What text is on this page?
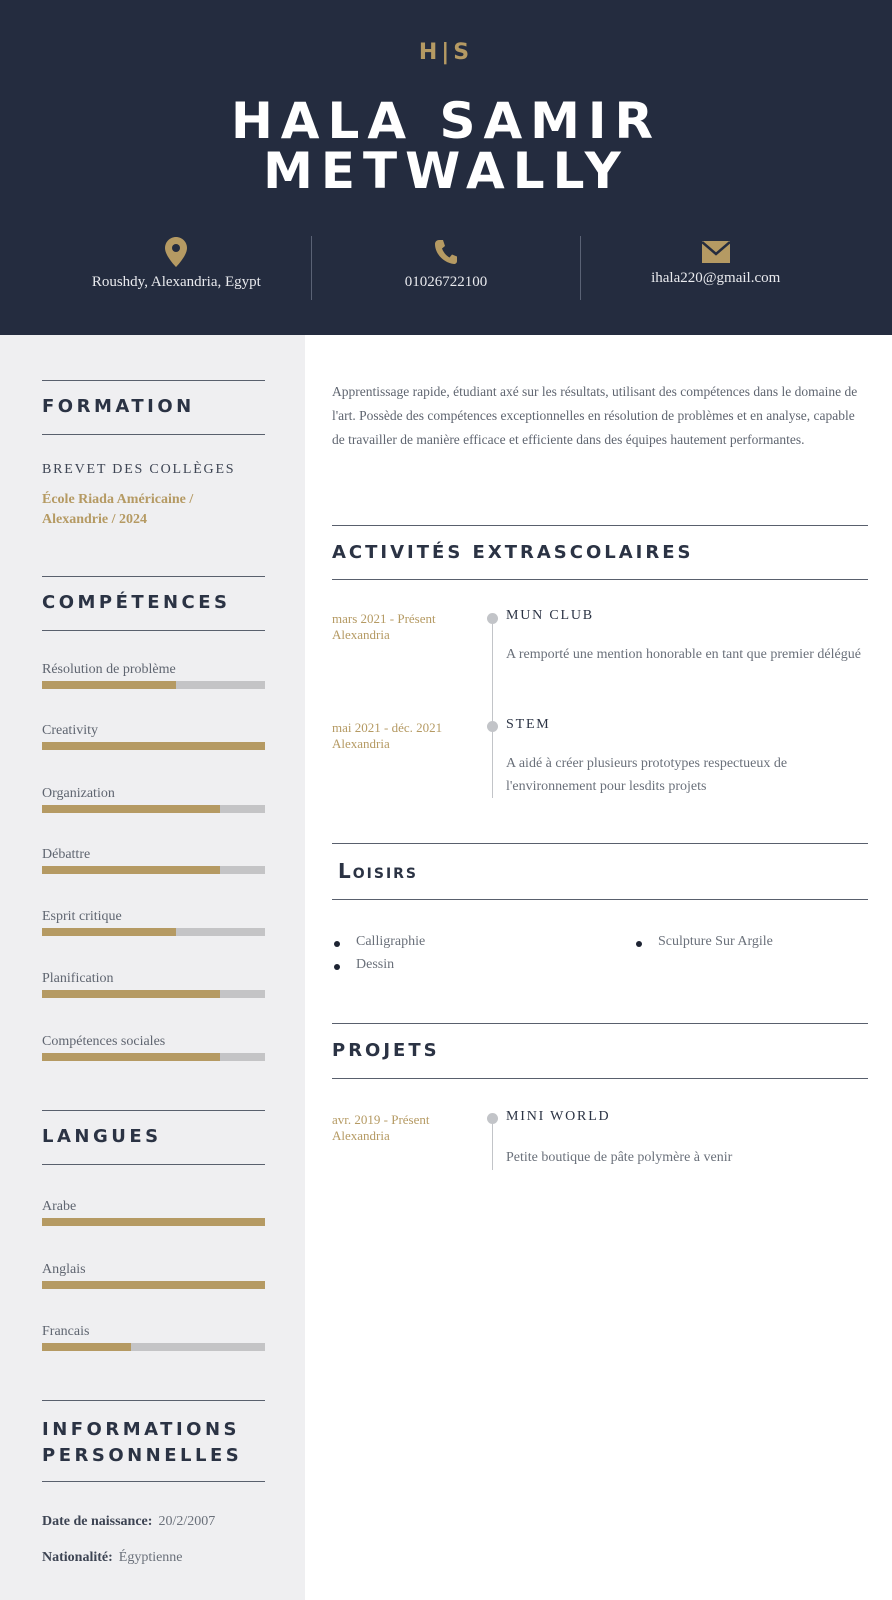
H|S
HALA SAMIR
METWALLY
Roushdy, Alexandria, Egypt	01026722100	ihala220@gmail.com
FORMATION
BREVET DES COLLÈGES
École Riada Américaine / Alexandrie / 2024
COMPÉTENCES
Résolution de problème
Creativity
Organization
Débattre
Esprit critique
Planification
Compétences sociales
LANGUES
Arabe
Anglais
Francais
INFORMATIONS
PERSONNELLES
Date de naissance: 20/2/2007
Nationalité: Égyptienne
Apprentissage rapide, étudiant axé sur les résultats, utilisant des compétences dans le domaine de l'art. Possède des compétences exceptionnelles en résolution de problèmes et en analyse, capable de travailler de manière efficace et efficiente dans des équipes hautement performantes.
ACTIVITÉS EXTRASCOLAIRES
mars 2021 - Présent
Alexandria
MUN CLUB
A remporté une mention honorable en tant que premier délégué
mai 2021 - déc. 2021
Alexandria
STEM
A aidé à créer plusieurs prototypes respectueux de l'environnement pour lesdits projets
Loisirs
Calligraphie
Dessin
Sculpture Sur Argile
PROJETS
avr. 2019 - Présent
Alexandria
MINI WORLD
Petite boutique de pâte polymère à venir
